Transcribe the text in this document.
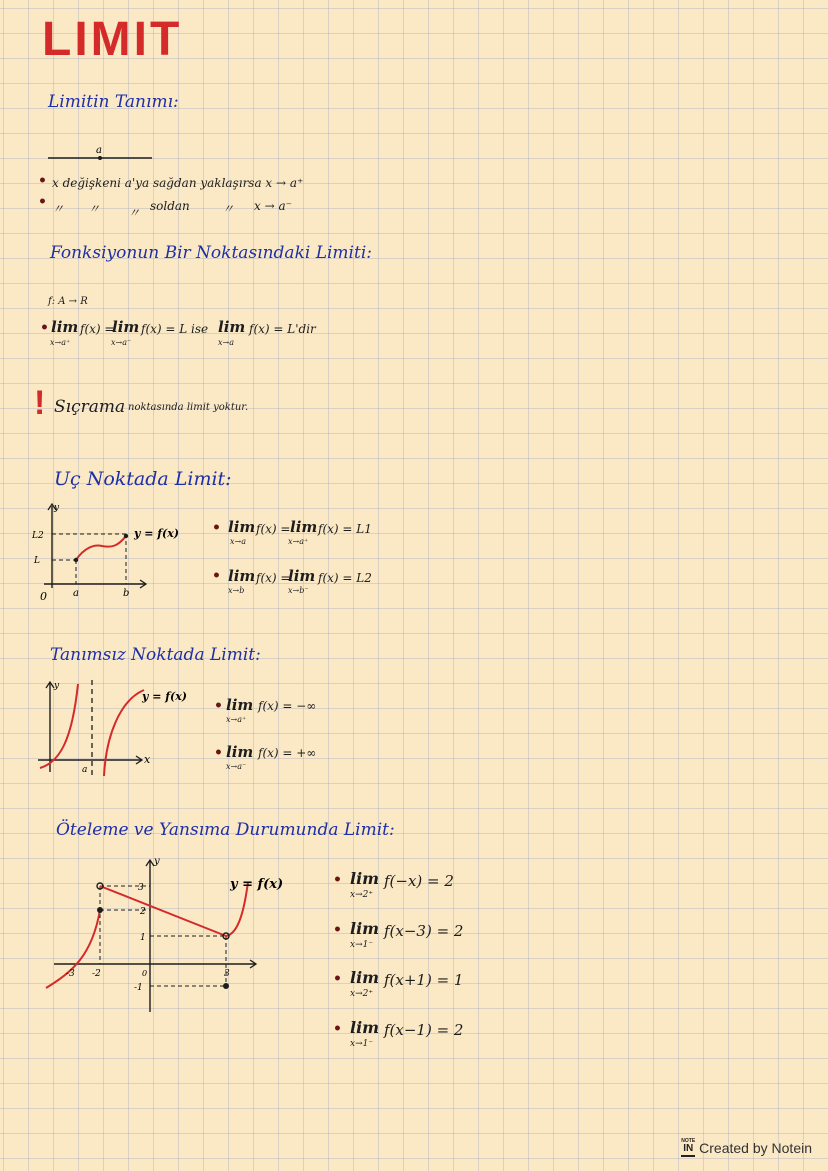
LIMIT
Limitin Tanımı:
a
• x değişkeni a'ya sağdan yaklaşırsa x → a⁺
• 〃 〃 〃 soldan	〃 x → a⁻
Fonksiyonun Bir Noktasındaki Limiti:
f: A → R
• lim
x→a⁺
f(x) =
lim
x→a⁻
f(x) = L ise lim
x→a
f(x) = L'dir
! Sıçrama noktasında limit yoktur.
Uç Noktada Limit:
y
L2
L
0	a	b
y = f(x) • lim
x→a
f(x) = lim
x→a⁺
f(x) = L1
• lim
x→b
f(x) =
lim
x→b⁻
f(x) = L2
Tanımsız Noktada Limit:
y
x
a
y = f(x)
• lim
x→a⁺
f(x) = −∞
• lim
x→a⁻
f(x) = +∞
Öteleme ve Yansıma Durumunda Limit:
y
3
2
1
0
-1
-3 -2	3
y = f(x)	• lim
x→2⁺
f(−x) = 2
• lim
x→1⁻
f(x−3) = 2
• lim
x→2⁺
f(x+1) = 1
• lim
x→1⁻
f(x−1) = 2
NOTE
IN Created by Notein
